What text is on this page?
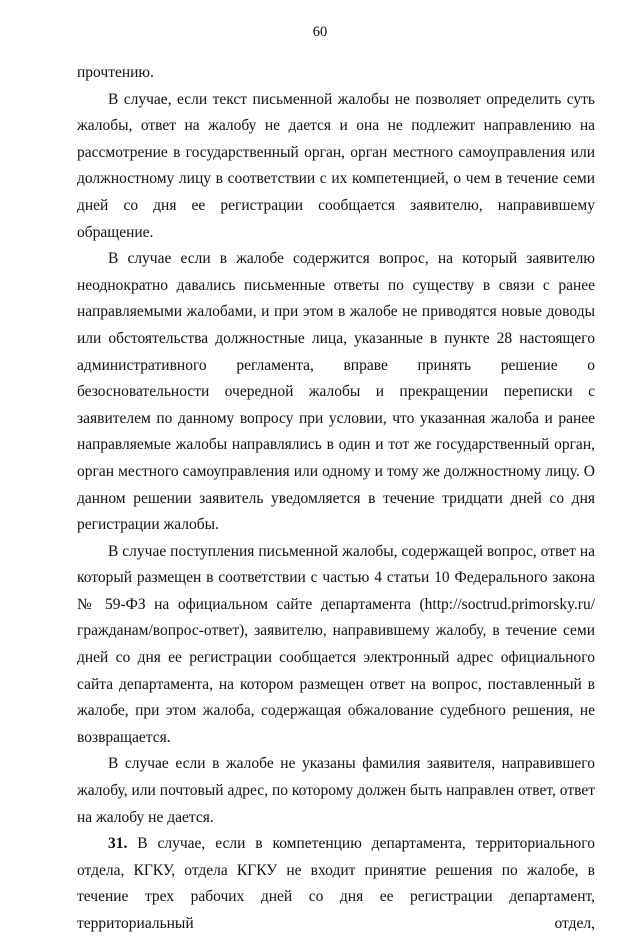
60

прочтению.

В случае, если текст письменной жалобы не позволяет определить суть жалобы, ответ на жалобу не дается и она не подлежит направлению на рассмотрение в государственный орган, орган местного самоуправления или должностному лицу в соответствии с их компетенцией, о чем в течение семи дней со дня ее регистрации сообщается заявителю, направившему обращение.

В случае если в жалобе содержится вопрос, на который заявителю неоднократно давались письменные ответы по существу в связи с ранее направляемыми жалобами, и при этом в жалобе не приводятся новые доводы или обстоятельства должностные лица, указанные в пункте 28 настоящего административного регламента, вправе принять решение о безосновательности очередной жалобы и прекращении переписки с заявителем по данному вопросу при условии, что указанная жалоба и ранее направляемые жалобы направлялись в один и тот же государственный орган, орган местного самоуправления или одному и тому же должностному лицу. О данном решении заявитель уведомляется в течение тридцати дней со дня регистрации жалобы.

В случае поступления письменной жалобы, содержащей вопрос, ответ на который размещен в соответствии с частью 4 статьи 10 Федерального закона № 59-ФЗ на официальном сайте департамента (http://soctrud.primorsky.ru/ гражданам/вопрос-ответ), заявителю, направившему жалобу, в течение семи дней со дня ее регистрации сообщается электронный адрес официального сайта департамента, на котором размещен ответ на вопрос, поставленный в жалобе, при этом жалоба, содержащая обжалование судебного решения, не возвращается.

В случае если в жалобе не указаны фамилия заявителя, направившего жалобу, или почтовый адрес, по которому должен быть направлен ответ, ответ на жалобу не дается.

31. В случае, если в компетенцию департамента, территориального отдела, КГКУ, отдела КГКУ не входит принятие решения по жалобе, в течение трех рабочих дней со дня ее регистрации департамент, территориальный отдел,
